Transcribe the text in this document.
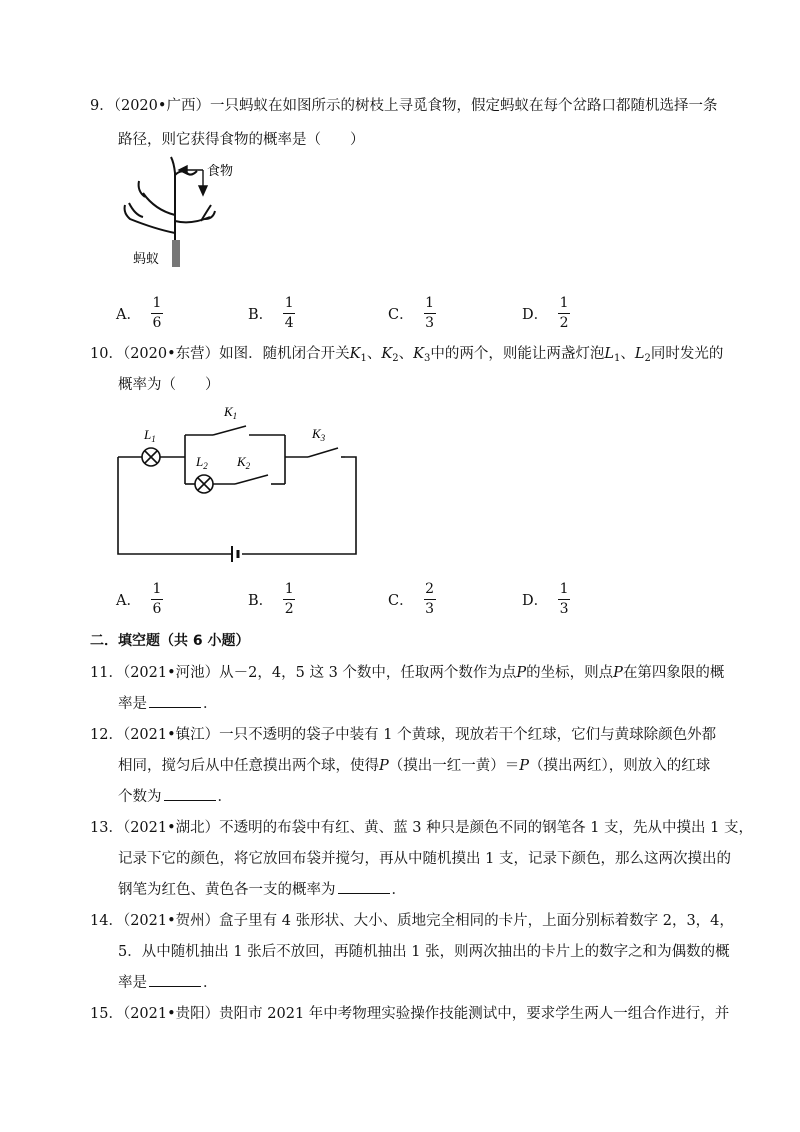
9．（2020•广西）一只蚂蚁在如图所示的树枝上寻觅食物，假定蚂蚁在每个岔路口都随机选择一条
路径，则它获得食物的概率是（　　）
食物
蚂蚁
A． $\frac{1}{6}$	B． $\frac{1}{4}$	C． $\frac{1}{3}$	D． $\frac{1}{2}$
10．（2020•东营）如图．随机闭合开关$K_1$、$K_2$、$K_3$中的两个，则能让两盏灯泡$L_1$、$L_2$同时发光的
概率为（　　）
$L_1$
$L_2$
$K_1$
$K_2$
$K_3$
A． $\frac{1}{6}$	B． $\frac{1}{2}$	C． $\frac{2}{3}$	D． $\frac{1}{3}$
二．填空题（共 6 小题）
11．（2021•河池）从－2，4，5 这 3 个数中，任取两个数作为点P的坐标，则点P在第四象限的概
率是	．
12．（2021•镇江）一只不透明的袋子中装有 1 个黄球，现放若干个红球，它们与黄球除颜色外都
相同，搅匀后从中任意摸出两个球，使得P（摸出一红一黄）＝P（摸出两红），则放入的红球
个数为	．
13．（2021•湖北）不透明的布袋中有红、黄、蓝 3 种只是颜色不同的钢笔各 1 支，先从中摸出 1 支，
记录下它的颜色，将它放回布袋并搅匀，再从中随机摸出 1 支，记录下颜色，那么这两次摸出的
钢笔为红色、黄色各一支的概率为	．
14．（2021•贺州）盒子里有 4 张形状、大小、质地完全相同的卡片，上面分别标着数字 2，3，4，
5．从中随机抽出 1 张后不放回，再随机抽出 1 张，则两次抽出的卡片上的数字之和为偶数的概
率是	．
15．（2021•贵阳）贵阳市 2021 年中考物理实验操作技能测试中，要求学生两人一组合作进行，并
